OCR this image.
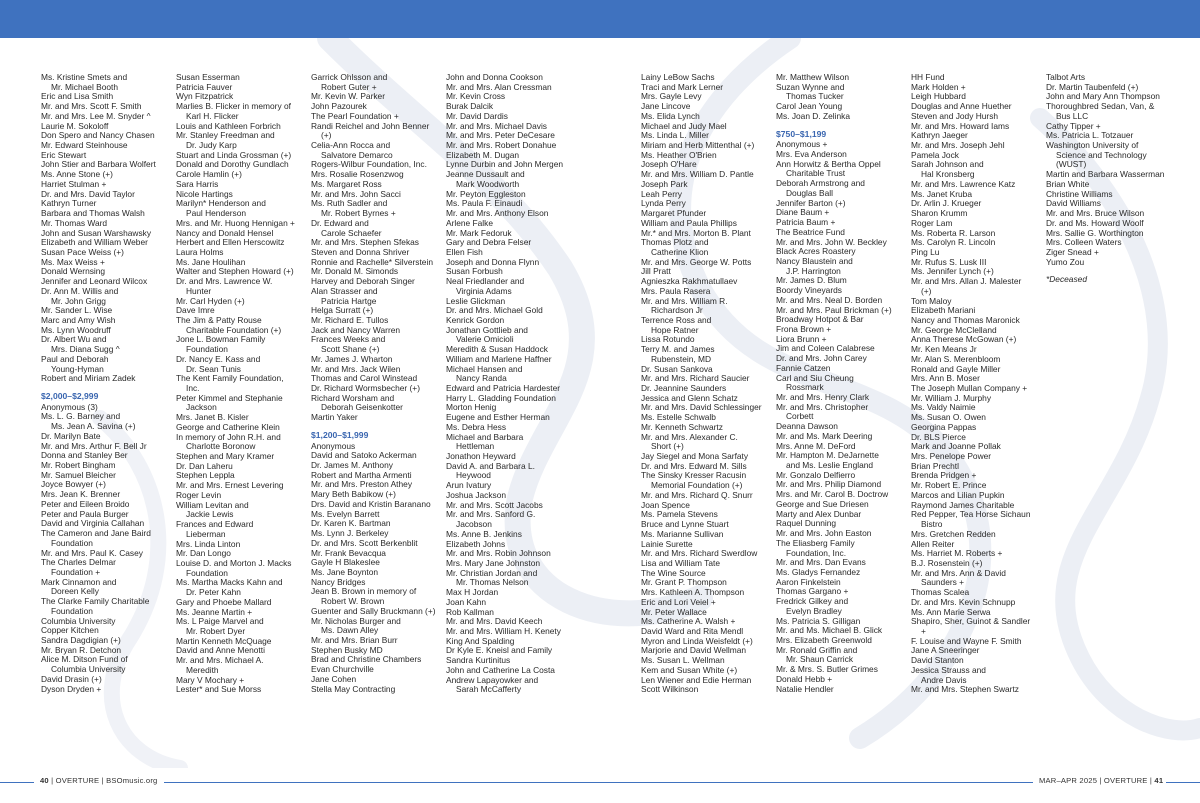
Ms. Kristine Smets and
Mr. Michael Booth
Eric and Lisa Smith
Mr. and Mrs. Scott F. Smith
Mr. and Mrs. Lee M. Snyder ^
Laurie M. Sokoloff
Don Spero and Nancy Chasen
Mr. Edward Steinhouse
Eric Stewart
John Stier and Barbara Wolfert
Ms. Anne Stone (+)
Harriet Stulman +
Dr. and Mrs. David Taylor
Kathryn Turner
Barbara and Thomas Walsh
Mr. Thomas Ward
John and Susan Warshawsky
Elizabeth and William Weber
Susan Pace Weiss (+)
Ms. Max Weiss +
Donald Wernsing
Jennifer and Leonard Wilcox
Dr. Ann M. Willis and
Mr. John Grigg
Mr. Sander L. Wise
Marc and Amy Wish
Ms. Lynn Woodruff
Dr. Albert Wu and
Mrs. Diana Sugg ^
Paul and Deborah
Young-Hyman
Robert and Miriam Zadek
$2,000–$2,999
Anonymous (3)
Ms. L. G. Barney and
Ms. Jean A. Savina (+)
Dr. Marilyn Bate
Mr. and Mrs. Arthur F. Bell Jr
Donna and Stanley Ber
Mr. Robert Bingham
Mr. Samuel Bleicher
Joyce Bowyer (+)
Mrs. Jean K. Brenner
Peter and Eileen Broido
Peter and Paula Burger
David and Virginia Callahan
The Cameron and Jane Baird
Foundation
Mr. and Mrs. Paul K. Casey
The Charles Delmar
Foundation +
Mark Cinnamon and
Doreen Kelly
The Clarke Family Charitable
Foundation
Columbia University
Copper Kitchen
Sandra Dagdigian (+)
Mr. Bryan R. Detchon
Alice M. Ditson Fund of
Columbia University
David Drasin (+)
Dyson Dryden +
Susan Esserman
Patricia Fauver
Wyn Fitzpatrick
Marlies B. Flicker in memory of
Karl H. Flicker
Louis and Kathleen Forbrich
Mr. Stanley Freedman and
Dr. Judy Karp
Stuart and Linda Grossman (+)
Donald and Dorothy Gundlach
Carole Hamlin (+)
Sara Harris
Nicole Hartings
Marilyn* Henderson and
Paul Henderson
Mrs. and Mr. Huong Hennigan +
Nancy and Donald Hensel
Herbert and Ellen Herscowitz
Laura Holms
Ms. Jane Houlihan
Walter and Stephen Howard (+)
Dr. and Mrs. Lawrence W.
Hunter
Mr. Carl Hyden (+)
Dave Imre
The Jim & Patty Rouse
Charitable Foundation (+)
Jone L. Bowman Family
Foundation
Dr. Nancy E. Kass and
Dr. Sean Tunis
The Kent Family Foundation,
Inc.
Peter Kimmel and Stephanie
Jackson
Mrs. Janet B. Kisler
George and Catherine Klein
In memory of John R.H. and
Charlotte Boronow
Stephen and Mary Kramer
Dr. Dan Laheru
Stephen Leppla
Mr. and Mrs. Ernest Levering
Roger Levin
William Levitan and
Jackie Lewis
Frances and Edward
Lieberman
Mrs. Linda Linton
Mr. Dan Longo
Louise D. and Morton J. Macks
Foundation
Ms. Martha Macks Kahn and
Dr. Peter Kahn
Gary and Phoebe Mallard
Ms. Jeanne Martin +
Ms. L Paige Marvel and
Mr. Robert Dyer
Martin Kenneth McQuage
David and Anne Menotti
Mr. and Mrs. Michael A.
Meredith
Mary V Mochary +
Lester* and Sue Morss
Garrick Ohlsson and
Robert Guter +
Mr. Kevin W. Parker
John Pazourek
The Pearl Foundation +
Randi Reichel and John Benner
(+)
Celia-Ann Rocca and
Salvatore Demarco
Rogers-Wilbur Foundation, Inc.
Mrs. Rosalie Rosenzwog
Ms. Margaret Ross
Mr. and Mrs. John Sacci
Ms. Ruth Sadler and
Mr. Robert Byrnes +
Dr. Edward and
Carole Schaefer
Mr. and Mrs. Stephen Sfekas
Steven and Donna Shriver
Ronnie and Rachelle* Silverstein
Mr. Donald M. Simonds
Harvey and Deborah Singer
Alan Strasser and
Patricia Hartge
Helga Surratt (+)
Mr. Richard E. Tullos
Jack and Nancy Warren
Frances Weeks and
Scott Shane (+)
Mr. James J. Wharton
Mr. and Mrs. Jack Wilen
Thomas and Carol Winstead
Dr. Richard Wormsbecher (+)
Richard Worsham and
Deborah Geisenkotter
Martin Yaker
$1,200–$1,999
Anonymous
David and Satoko Ackerman
Dr. James M. Anthony
Robert and Martha Armenti
Mr. and Mrs. Preston Athey
Mary Beth Babikow (+)
Drs. David and Kristin Baranano
Ms. Evelyn Barrett
Dr. Karen K. Bartman
Ms. Lynn J. Berkeley
Dr. and Mrs. Scott Berkenblit
Mr. Frank Bevacqua
Gayle H Blakeslee
Ms. Jane Boynton
Nancy Bridges
Jean B. Brown in memory of
Robert W. Brown
Guenter and Sally Bruckmann (+)
Mr. Nicholas Burger and
Ms. Dawn Alley
Mr. and Mrs. Brian Burr
Stephen Busky MD
Brad and Christine Chambers
Evan Churchville
Jane Cohen
Stella May Contracting
John and Donna Cookson
Mr. and Mrs. Alan Cressman
Mr. Kevin Cross
Burak Dalcik
Mr. David Dardis
Mr. and Mrs. Michael Davis
Mr. and Mrs. Peter DeCesare
Mr. and Mrs. Robert Donahue
Elizabeth M. Dugan
Lynne Durbin and John Mergen
Jeanne Dussault and
Mark Woodworth
Mr. Peyton Eggleston
Ms. Paula F. Einaudi
Mr. and Mrs. Anthony Elson
Arlene Falke
Mr. Mark Fedoruk
Gary and Debra Felser
Ellen Fish
Joseph and Donna Flynn
Susan Forbush
Neal Friedlander and
Virginia Adams
Leslie Glickman
Dr. and Mrs. Michael Gold
Kenrick Gordon
Jonathan Gottlieb and
Valerie Omicioli
Meredith & Susan Haddock
William and Marlene Haffner
Michael Hansen and
Nancy Randa
Edward and Patricia Hardester
Harry L. Gladding Foundation
Morton Henig
Eugene and Esther Herman
Ms. Debra Hess
Michael and Barbara
Hettleman
Jonathon Heyward
David A. and Barbara L.
Heywood
Arun Ivatury
Joshua Jackson
Mr. and Mrs. Scott Jacobs
Mr. and Mrs. Sanford G.
Jacobson
Ms. Anne B. Jenkins
Elizabeth Johns
Mr. and Mrs. Robin Johnson
Mrs. Mary Jane Johnston
Mr. Christian Jordan and
Mr. Thomas Nelson
Max H Jordan
Joan Kahn
Rob Kallman
Mr. and Mrs. David Keech
Mr. and Mrs. William H. Kenety
King And Spalding
Dr Kyle E. Kneisl and Family
Sandra Kurtinitus
John and Catherine La Costa
Andrew Lapayowker and
Sarah McCafferty
Lainy LeBow Sachs
Traci and Mark Lerner
Mrs. Gayle Levy
Jane Lincove
Ms. Elida Lynch
Michael and Judy Mael
Ms. Linda L. Miller
Miriam and Herb Mittenthal (+)
Ms. Heather O'Brien
Joseph O'Hare
Mr. and Mrs. William D. Pantle
Joseph Park
Leah Perry
Lynda Perry
Margaret Pfunder
William and Paula Phillips
Mr.* and Mrs. Morton B. Plant
Thomas Plotz and
Catherine Klion
Mr. and Mrs. George W. Potts
Jill Pratt
Agnieszka Rakhmatullaev
Mrs. Paula Rasera
Mr. and Mrs. William R.
Richardson Jr
Terrence Ross and
Hope Ratner
Lissa Rotundo
Terry M. and James
Rubenstein, MD
Dr. Susan Sankova
Mr. and Mrs. Richard Saucier
Dr. Jeannine Saunders
Jessica and Glenn Schatz
Mr. and Mrs. David Schlessinger
Ms. Estelle Schwalb
Mr. Kenneth Schwartz
Mr. and Mrs. Alexander C.
Short (+)
Jay Siegel and Mona Sarfaty
Dr. and Mrs. Edward M. Sills
The Sinsky Kresser Racusin
Memorial Foundation (+)
Mr. and Mrs. Richard Q. Snurr
Joan Spence
Ms. Pamela Stevens
Bruce and Lynne Stuart
Ms. Marianne Sullivan
Lainie Surette
Mr. and Mrs. Richard Swerdlow
Lisa and William Tate
The Wine Source
Mr. Grant P. Thompson
Mrs. Kathleen A. Thompson
Eric and Lori Veiel +
Mr. Peter Wallace
Ms. Catherine A. Walsh +
David Ward and Rita Mendl
Myron and Linda Weisfeldt (+)
Marjorie and David Wellman
Ms. Susan L. Wellman
Kem and Susan White (+)
Len Wiener and Edie Herman
Scott Wilkinson
Mr. Matthew Wilson
Suzan Wynne and
Thomas Tucker
Carol Jean Young
Ms. Joan D. Zelinka
$750–$1,199
Anonymous +
Mrs. Eva Anderson
Ann Horwitz & Bertha Oppel
Charitable Trust
Deborah Armstrong and
Douglas Ball
Jennifer Barton (+)
Diane Baum +
Patricia Baum +
The Beatrice Fund
Mr. and Mrs. John W. Beckley
Black Acres Roastery
Nancy Blaustein and
J.P. Harrington
Mr. James D. Blum
Boordy Vineyards
Mr. and Mrs. Neal D. Borden
Mr. and Mrs. Paul Brickman (+)
Broadway Hotpot & Bar
Frona Brown +
Liora Brunn +
Jim and Coleen Calabrese
Dr. and Mrs. John Carey
Fannie Catzen
Carl and Siu Cheung
Rossmark
Mr. and Mrs. Henry Clark
Mr. and Mrs. Christopher
Corbett
Deanna Dawson
Mr. and Ms. Mark Deering
Mrs. Anne M. DeFord
Mr. Hampton M. DeJarnette
and Ms. Leslie England
Mr. Gonzalo Delfierro
Mr. and Mrs. Philip Diamond
Mrs. and Mr. Carol B. Doctrow
George and Sue Driesen
Marty and Alex Dunbar
Raquel Dunning
Mr. and Mrs. John Easton
The Eliasberg Family
Foundation, Inc.
Mr. and Mrs. Dan Evans
Ms. Gladys Fernandez
Aaron Finkelstein
Thomas Gargano +
Fredrick Gilkey and
Evelyn Bradley
Ms. Patricia S. Gilligan
Mr. and Ms. Michael B. Glick
Mrs. Elizabeth Greenwold
Mr. Ronald Griffin and
Mr. Shaun Carrick
Mr. & Mrs. S. Butler Grimes
Donald Hebb +
Natalie Hendler
HH Fund
Mark Holden +
Leigh Hubbard
Douglas and Anne Huether
Steven and Jody Hursh
Mr. and Mrs. Howard Iams
Kathryn Jaeger
Mr. and Mrs. Joseph Jehl
Pamela Jock
Sarah Johnson and
Hal Kronsberg
Mr. and Mrs. Lawrence Katz
Ms. Janet Kruba
Dr. Arlin J. Krueger
Sharon Krumm
Roger Lam
Ms. Roberta R. Larson
Ms. Carolyn R. Lincoln
Ping Lu
Mr. Rufus S. Lusk III
Ms. Jennifer Lynch (+)
Mr. and Mrs. Allan J. Malester
(+)
Tom Maloy
Elizabeth Mariani
Nancy and Thomas Maronick
Mr. George McClelland
Anna Therese McGowan (+)
Mr. Ken Means Jr
Mr. Alan S. Merenbloom
Ronald and Gayle Miller
Mrs. Ann B. Moser
The Joseph Mullan Company +
Mr. William J. Murphy
Ms. Valdy Naimie
Ms. Susan O. Owen
Georgina Pappas
Dr. BLS Pierce
Mark and Joanne Pollak
Mrs. Penelope Power
Brian Prechtl
Brenda Pridgen +
Mr. Robert E. Prince
Marcos and Lilian Pupkin
Raymond James Charitable
Red Pepper, Tea Horse Sichaun
Bistro
Mrs. Gretchen Redden
Allen Reiter
Ms. Harriet M. Roberts +
B.J. Rosenstein (+)
Mr. and Mrs. Ann & David
Saunders +
Thomas Scalea
Dr. and Mrs. Kevin Schnupp
Ms. Ann Marie Serwa
Shapiro, Sher, Guinot & Sandler
+
F. Louise and Wayne F. Smith
Jane A Sneeringer
David Stanton
Jessica Strauss and
Andre Davis
Mr. and Mrs. Stephen Swartz
Talbot Arts
Dr. Martin Taubenfeld (+)
John and Mary Ann Thompson
Thoroughbred Sedan, Van, &
Bus LLC
Cathy Tipper +
Ms. Patricia L. Totzauer
Washington University of
Science and Technology
(WUST)
Martin and Barbara Wasserman
Brian White
Christine Williams
David Williams
Mr. and Mrs. Bruce Wilson
Dr. and Ms. Howard Woolf
Mrs. Sallie G. Worthington
Mrs. Colleen Waters
Ziger Snead +
Yumo Zou
*Deceased
40 | OVERTURE | BSOmusic.org	MAR–APR 2025 | OVERTURE | 41
